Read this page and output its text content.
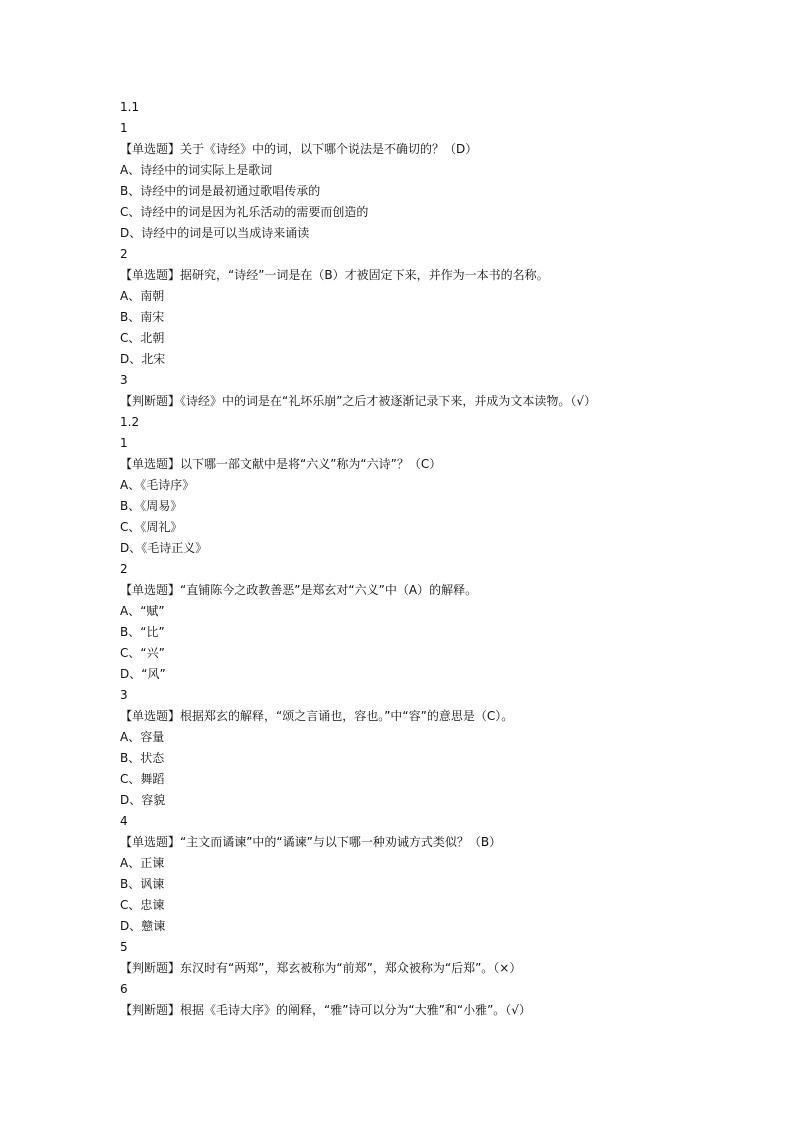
1.1
1
【单选题】关于《诗经》中的词，以下哪个说法是不确切的？（D）
A、诗经中的词实际上是歌词
B、诗经中的词是最初通过歌唱传承的
C、诗经中的词是因为礼乐活动的需要而创造的
D、诗经中的词是可以当成诗来诵读
2
【单选题】据研究，“诗经”一词是在（B）才被固定下来，并作为一本书的名称。
A、南朝
B、南宋
C、北朝
D、北宋
3
【判断题】《诗经》中的词是在“礼坏乐崩”之后才被逐渐记录下来，并成为文本读物。（√）
1.2
1
【单选题】以下哪一部文献中是将“六义”称为“六诗”？（C）
A、《毛诗序》
B、《周易》
C、《周礼》
D、《毛诗正义》
2
【单选题】“直铺陈今之政教善恶”是郑玄对“六义”中（A）的解释。
A、“赋”
B、“比”
C、“兴”
D、“风”
3
【单选题】根据郑玄的解释，“颂之言诵也，容也。”中“容”的意思是（C）。
A、容量
B、状态
C、舞蹈
D、容貌
4
【单选题】“主文而谲谏”中的“谲谏”与以下哪一种劝诫方式类似？（B）
A、正谏
B、讽谏
C、忠谏
D、戆谏
5
【判断题】东汉时有“两郑”，郑玄被称为“前郑”，郑众被称为“后郑”。（×）
6
【判断题】根据《毛诗大序》的阐释，“雅”诗可以分为“大雅”和“小雅”。（√）
